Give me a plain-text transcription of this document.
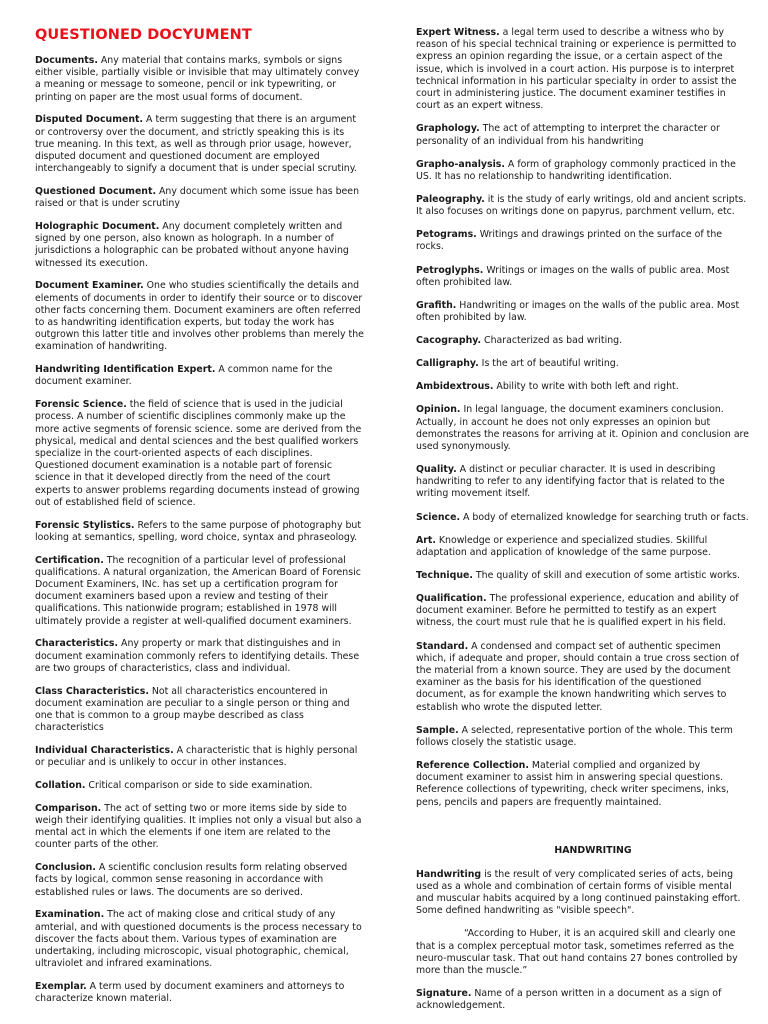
QUESTIONED DOCYUMENT

Documents. Any material that contains marks, symbols or signs either visible, partially visible or invisible that may ultimately convey a meaning or message to someone, pencil or ink typewriting, or printing on paper are the most usual forms of document.

Disputed Document. A term suggesting that there is an argument or controversy over the document, and strictly speaking this is its true meaning. In this text, as well as through prior usage, however, disputed document and questioned document are employed interchangeably to signify a document that is under special scrutiny.

Questioned Document. Any document which some issue has been raised or that is under scrutiny

Holographic Document. Any document completely written and signed by one person, also known as holograph. In a number of jurisdictions a holographic can be probated without anyone having witnessed its execution.

Document Examiner. One who studies scientifically the details and elements of documents in order to identify their source or to discover other facts concerning them. Document examiners are often referred to as handwriting identification experts, but today the work has outgrown this latter title and involves other problems than merely the examination of handwriting.

Handwriting Identification Expert. A common name for the document examiner.

Forensic Science. the field of science that is used in the judicial process. A number of scientific disciplines commonly make up the more active segments of forensic science. some are derived from the physical, medical and dental sciences and the best qualified workers specialize in the court-oriented aspects of each disciplines. Questioned document examination is a notable part of forensic science in that it developed directly from the need of the court experts to answer problems regarding documents instead of growing out of established field of science.

Forensic Stylistics. Refers to the same purpose of photography but looking at semantics, spelling, word choice, syntax and phraseology.

Certification. The recognition of a particular level of professional qualifications. A natural organization, the American Board of Forensic Document Examiners, INc. has set up a certification program for document examiners based upon a review and testing of their qualifications. This nationwide program; established in 1978 will ultimately provide a register at well-qualified document examiners.

Characteristics. Any property or mark that distinguishes and in document examination commonly refers to identifying details. These are two groups of characteristics, class and individual.

Class Characteristics. Not all characteristics encountered in document examination are peculiar to a single person or thing and one that is common to a group maybe described as class characteristics

Individual Characteristics. A characteristic that is highly personal or peculiar and is unlikely to occur in other instances.

Collation. Critical comparison or side to side examination.

Comparison. The act of setting two or more items side by side to weigh their identifying qualities. It implies not only a visual but also a mental act in which the elements if one item are related to the counter parts of the other.

Conclusion. A scientific conclusion results form relating observed facts by logical, common sense reasoning in accordance with established rules or laws. The documents are so derived.

Examination. The act of making close and critical study of any amterial, and with questioned documents is the process necessary to discover the facts about them. Various types of examination are undertaking, including microscopic, visual photographic, chemical, ultraviolet and infrared examinations.

Exemplar. A term used by document examiners and attorneys to characterize known material.

Expert Witness. a legal term used to describe a witness who by reason of his special technical training or experience is permitted to express an opinion regarding the issue, or a certain aspect of the issue, which is involved in a court action. His purpose is to interpret technical information in his particular specialty in order to assist the court in administering justice. The document examiner testifies in court as an expert witness.

Graphology. The act of attempting to interpret the character or personality of an individual from his handwriting

Grapho-analysis. A form of graphology commonly practiced in the US. It has no relationship to handwriting identification.

Paleography. it is the study of early writings, old and ancient scripts. It also focuses on writings done on papyrus, parchment vellum, etc.

Petograms. Writings and drawings printed on the surface of the rocks.

Petroglyphs. Writings or images on the walls of public area. Most often prohibited law.

Grafith. Handwriting or images on the walls of the public area. Most often prohibited by law.

Cacography. Characterized as bad writing.

Calligraphy. Is the art of beautiful writing.

Ambidextrous. Ability to write with both left and right.

Opinion. In legal language, the document examiners conclusion. Actually, in account he does not only expresses an opinion but demonstrates the reasons for arriving at it. Opinion and conclusion are used synonymously.

Quality. A distinct or peculiar character. It is used in describing handwriting to refer to any identifying factor that is related to the writing movement itself.

Science. A body of eternalized knowledge for searching truth or facts.

Art. Knowledge or experience and specialized studies. Skillful adaptation and application of knowledge of the same purpose.

Technique. The quality of skill and execution of some artistic works.

Qualification. The professional experience, education and ability of document examiner. Before he permitted to testify as an expert witness, the court must rule that he is qualified expert in his field.

Standard. A condensed and compact set of authentic specimen which, if adequate and proper, should contain a true cross section of the material from a known source. They are used by the document examiner as the basis for his identification of the questioned document, as for example the known handwriting which serves to establish who wrote the disputed letter.

Sample. A selected, representative portion of the whole. This term follows closely the statistic usage.

Reference Collection. Material complied and organized by document examiner to assist him in answering special questions. Reference collections of typewriting, check writer specimens, inks, pens, pencils and papers are frequently maintained.

HANDWRITING

Handwriting is the result of very complicated series of acts, being used as a whole and combination of certain forms of visible mental and muscular habits acquired by a long continued painstaking effort. Some defined handwriting as "visible speech".

“According to Huber, it is an acquired skill and clearly one that is a complex perceptual motor task, sometimes referred as the neuro-muscular task. That out hand contains 27 bones controlled by more than the muscle.”

Signature. Name of a person written in a document as a sign of acknowledgement.
